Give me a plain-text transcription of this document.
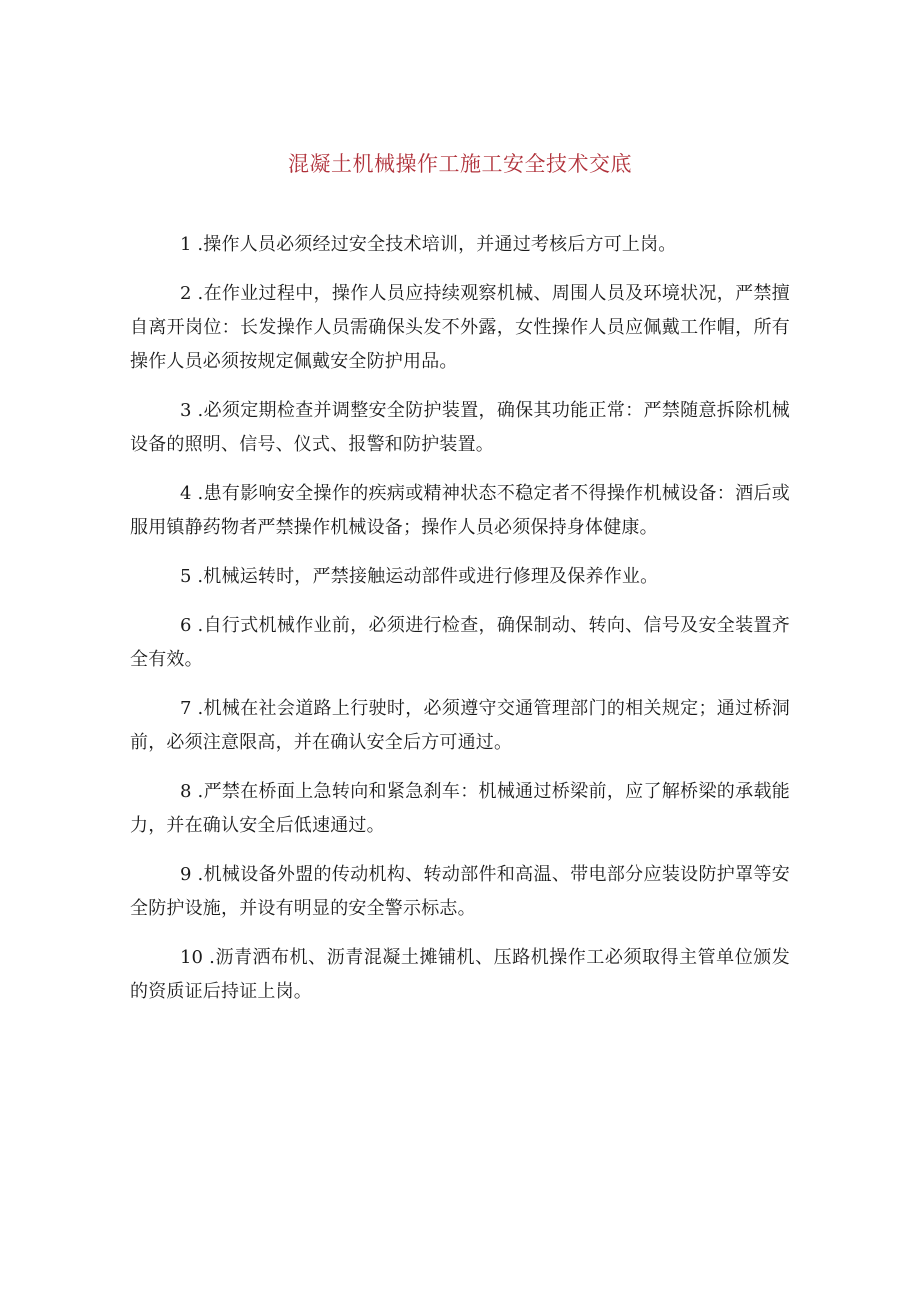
混凝土机械操作工施工安全技术交底

1 .操作人员必须经过安全技术培训，并通过考核后方可上岗。

2 .在作业过程中，操作人员应持续观察机械、周围人员及环境状况，严禁擅自离开岗位：长发操作人员需确保头发不外露，女性操作人员应佩戴工作帽，所有操作人员必须按规定佩戴安全防护用品。

3 .必须定期检查并调整安全防护装置，确保其功能正常：严禁随意拆除机械设备的照明、信号、仪式、报警和防护装置。

4 .患有影响安全操作的疾病或精神状态不稳定者不得操作机械设备：酒后或服用镇静药物者严禁操作机械设备；操作人员必须保持身体健康。

5 .机械运转时，严禁接触运动部件或进行修理及保养作业。

6 .自行式机械作业前，必须进行检查，确保制动、转向、信号及安全装置齐全有效。

7 .机械在社会道路上行驶时，必须遵守交通管理部门的相关规定；通过桥洞前，必须注意限高，并在确认安全后方可通过。

8 .严禁在桥面上急转向和紧急刹车：机械通过桥梁前，应了解桥梁的承载能力，并在确认安全后低速通过。

9 .机械设备外盟的传动机构、转动部件和高温、带电部分应装设防护罩等安全防护设施，并设有明显的安全警示标志。

10 .沥青洒布机、沥青混凝土摊铺机、压路机操作工必须取得主管单位颁发的资质证后持证上岗。
